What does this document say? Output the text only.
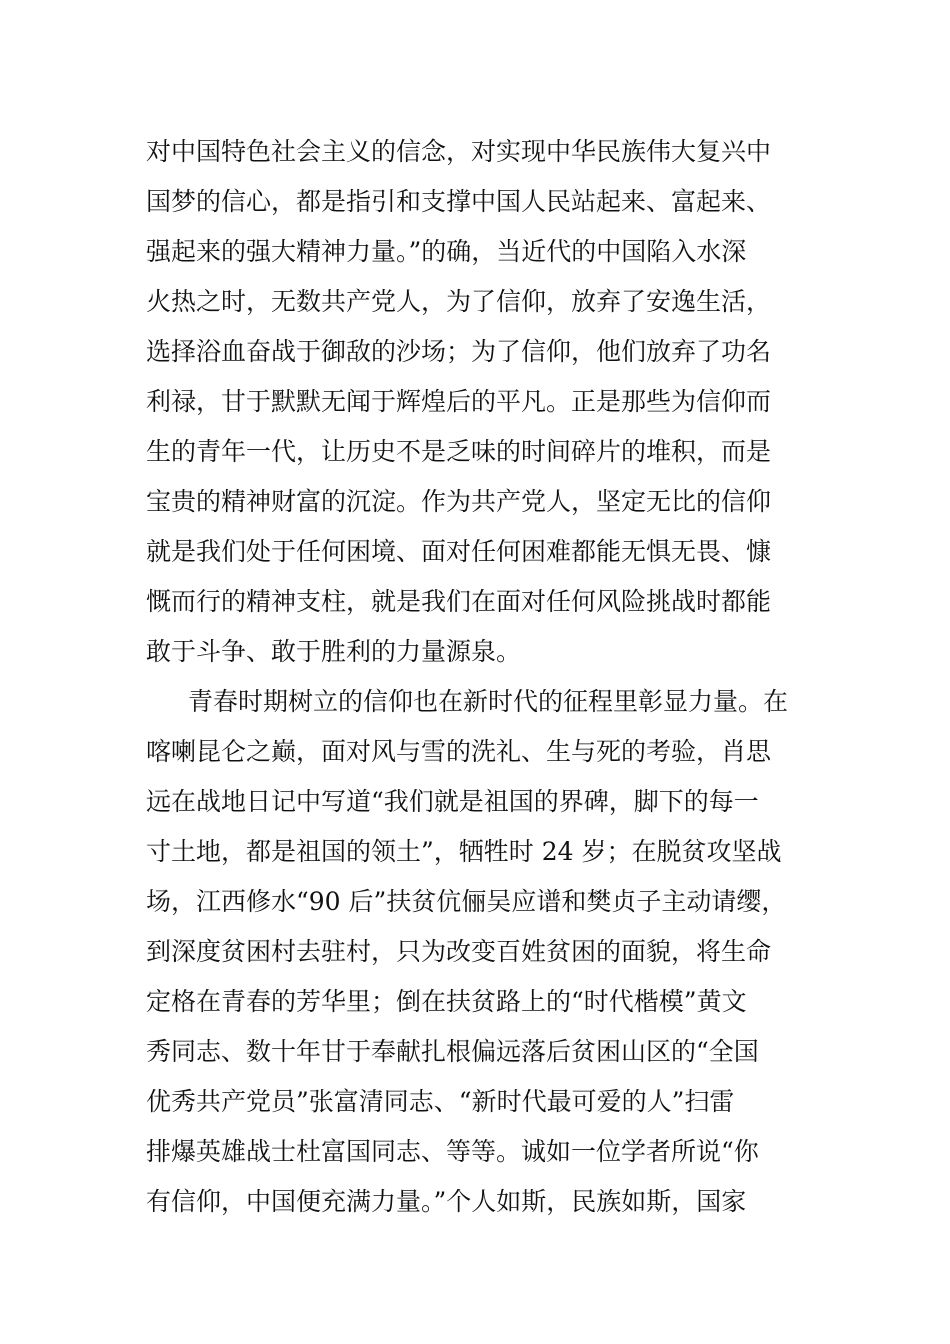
对中国特色社会主义的信念，对实现中华民族伟大复兴中
国梦的信心，都是指引和支撑中国人民站起来、富起来、
强起来的强大精神力量。”的确，当近代的中国陷入水深
火热之时，无数共产党人，为了信仰，放弃了安逸生活，
选择浴血奋战于御敌的沙场；为了信仰，他们放弃了功名
利禄，甘于默默无闻于辉煌后的平凡。正是那些为信仰而
生的青年一代，让历史不是乏味的时间碎片的堆积，而是
宝贵的精神财富的沉淀。作为共产党人，坚定无比的信仰
就是我们处于任何困境、面对任何困难都能无惧无畏、慷
慨而行的精神支柱，就是我们在面对任何风险挑战时都能
敢于斗争、敢于胜利的力量源泉。
青春时期树立的信仰也在新时代的征程里彰显力量。在
喀喇昆仑之巅，面对风与雪的洗礼、生与死的考验，肖思
远在战地日记中写道“我们就是祖国的界碑，脚下的每一
寸土地，都是祖国的领土”，牺牲时 24 岁；在脱贫攻坚战
场，江西修水“90 后”扶贫伉俪吴应谱和樊贞子主动请缨，
到深度贫困村去驻村，只为改变百姓贫困的面貌，将生命
定格在青春的芳华里；倒在扶贫路上的“时代楷模”黄文
秀同志、数十年甘于奉献扎根偏远落后贫困山区的“全国
优秀共产党员”张富清同志、“新时代最可爱的人”扫雷
排爆英雄战士杜富国同志、等等。诚如一位学者所说“你
有信仰，中国便充满力量。”个人如斯，民族如斯，国家
